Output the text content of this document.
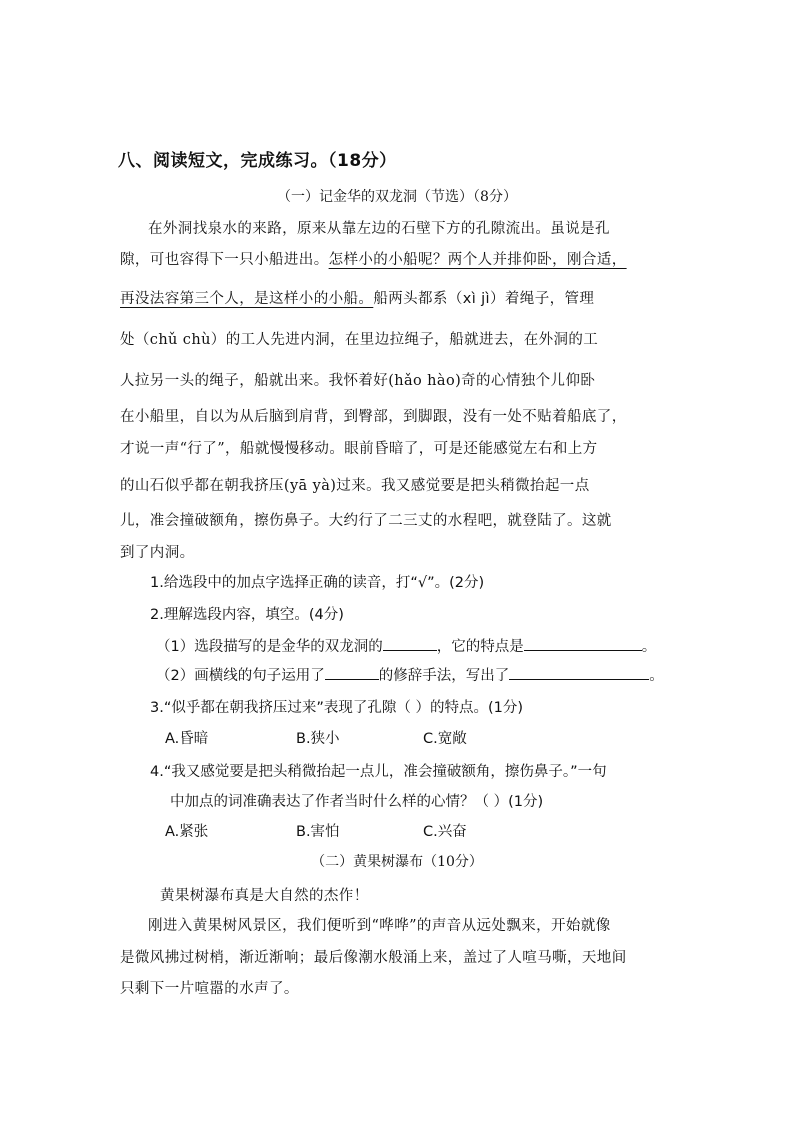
八、阅读短文，完成练习。（18分）
（一）记金华的双龙洞（节选）（8分）
在外洞找泉水的来路，原来从靠左边的石壁下方的孔隙流出。虽说是孔
隙，可也容得下一只小船进出。怎样小的小船呢？两个人并排仰卧，刚合适，
再没法容第三个人，是这样小的小船。船两头都系（xì jì）着绳子，管理
处（chǔ chù）的工人先进内洞，在里边拉绳子，船就进去，在外洞的工
人拉另一头的绳子，船就出来。我怀着好(hǎo hào)奇的心情独个儿仰卧
在小船里，自以为从后脑到肩背，到臀部，到脚跟，没有一处不贴着船底了，
才说一声“行了”，船就慢慢移动。眼前昏暗了，可是还能感觉左右和上方
的山石似乎都在朝我挤压(yā yà)过来。我又感觉要是把头稍微抬起一点
儿，准会撞破额角，擦伤鼻子。大约行了二三丈的水程吧，就登陆了。这就
到了内洞。
1.给选段中的加点字选择正确的读音，打“√”。(2分)
2.理解选段内容，填空。(4分)
（1）选段描写的是金华的双龙洞的	，它的特点是	。
（2）画横线的句子运用了	的修辞手法，写出了	。
3.“似乎都在朝我挤压过来”表现了孔隙（ ）的特点。(1分)
A.昏暗	B.狭小	C.宽敞
4.“我又感觉要是把头稍微抬起一点儿，准会撞破额角，擦伤鼻子。”一句
中加点的词准确表达了作者当时什么样的心情？（ ）(1分)
A.紧张	B.害怕	C.兴奋
（二）黄果树瀑布（10分）
黄果树瀑布真是大自然的杰作！
刚进入黄果树风景区，我们便听到“哗哗”的声音从远处飘来，开始就像
是微风拂过树梢，渐近渐响；最后像潮水般涌上来，盖过了人喧马嘶，天地间
只剩下一片喧嚣的水声了。
